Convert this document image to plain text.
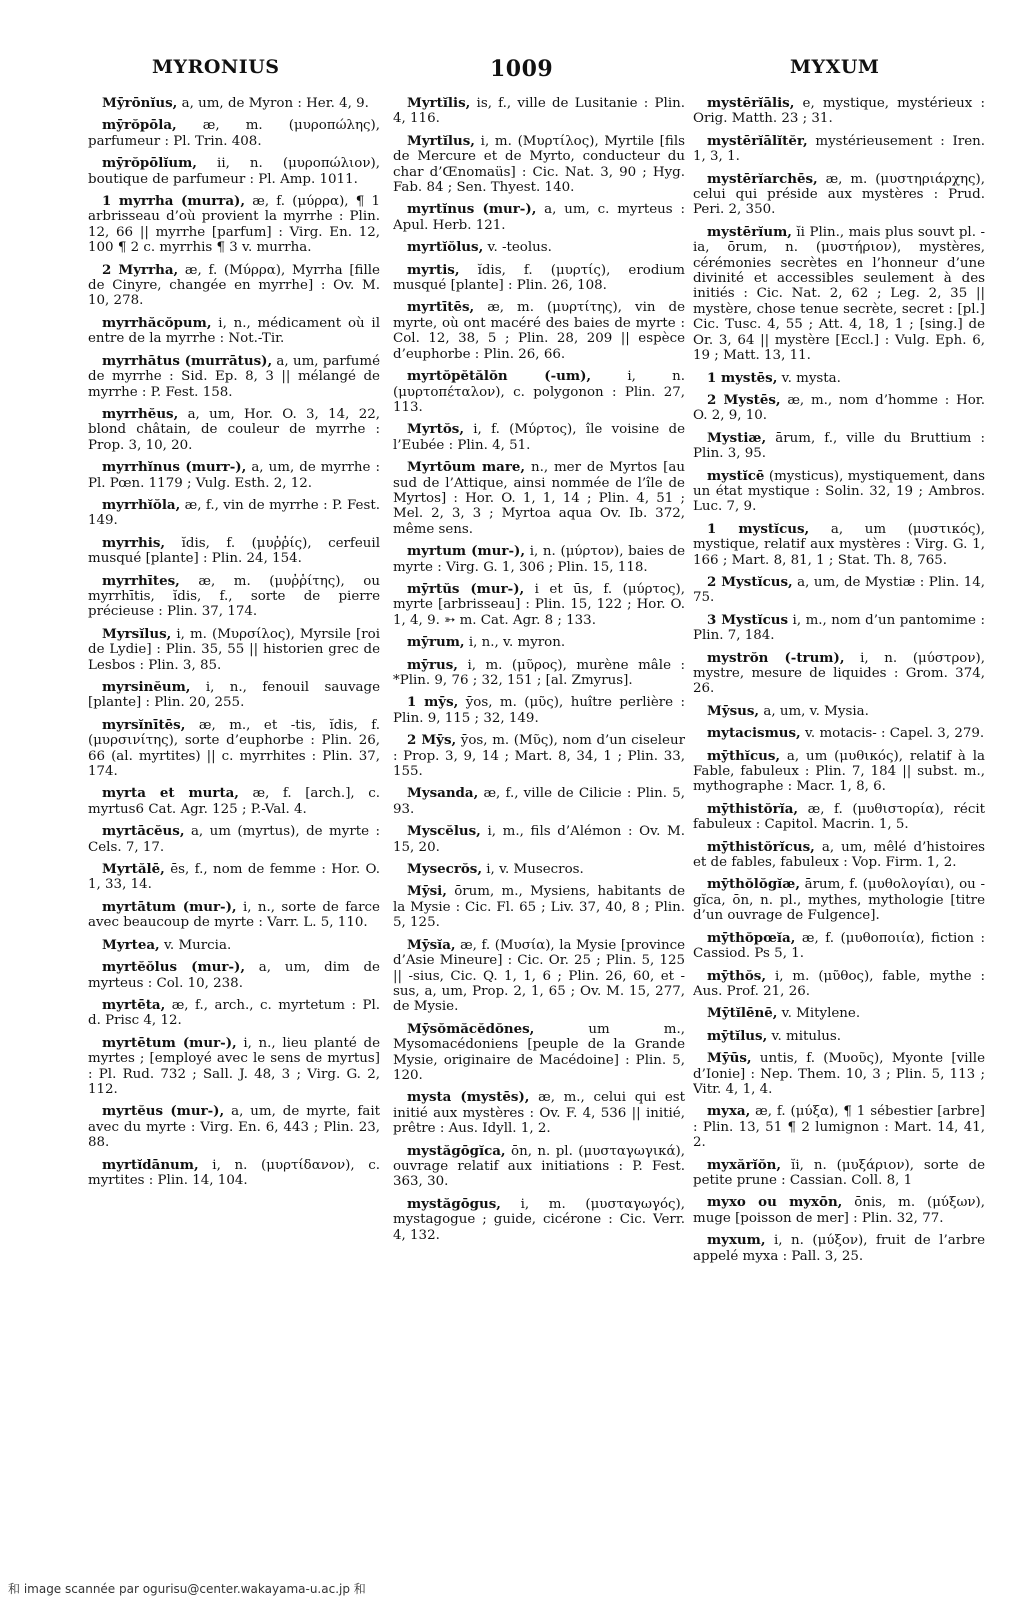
MYRONIUS	1009	MYXUM

Mȳrōnĭus, a, um, de Myron : Her. 4, 9.

mȳrŏpōla, æ, m. (μυροπώλης), parfumeur : Pl. Trin. 408.

mȳrŏpōlĭum, ii, n. (μυροπώλιον), boutique de parfumeur : Pl. Amp. 1011.

1 myrrha (murra), æ, f. (μύρρα), ¶ 1 arbrisseau d’où provient la myrrhe : Plin. 12, 66 || myrrhe [parfum] : Virg. En. 12, 100 ¶ 2 c. myrrhis ¶ 3 v. murrha.

2 Myrrha, æ, f. (Μύρρα), Myrrha [fille de Cinyre, changée en myrrhe] : Ov. M. 10, 278.

myrrhăcŏpum, i, n., médicament où il entre de la myrrhe : Not.-Tir.

myrrhātus (murrātus), a, um, parfumé de myrrhe : Sid. Ep. 8, 3 || mélangé de myrrhe : P. Fest. 158.

myrrhĕus, a, um, Hor. O. 3, 14, 22, blond châtain, de couleur de myrrhe : Prop. 3, 10, 20.

myrrhĭnus (murr-), a, um, de myrrhe : Pl. Pœn. 1179 ; Vulg. Esth. 2, 12.

myrrhĭŏla, æ, f., vin de myrrhe : P. Fest. 149.

myrrhis, ĭdis, f. (μυῤῥίς), cerfeuil musqué [plante] : Plin. 24, 154.

myrrhītes, æ, m. (μυῤῥίτης), ou myrrhītis, ĭdis, f., sorte de pierre précieuse : Plin. 37, 174.

Myrsĭlus, i, m. (Μυρσίλος), Myrsile [roi de Lydie] : Plin. 35, 55 || historien grec de Lesbos : Plin. 3, 85.

myrsinĕum, i, n., fenouil sauvage [plante] : Plin. 20, 255.

myrsĭnītēs, æ, m., et -tis, ĭdis, f. (μυρσινίτης), sorte d’euphorbe : Plin. 26, 66 (al. myrtites) || c. myrrhites : Plin. 37, 174.

myrta et murta, æ, f. [arch.], c. myrtus6 Cat. Agr. 125 ; P.-Val. 4.

myrtācĕus, a, um (myrtus), de myrte : Cels. 7, 17.

Myrtălē, ēs, f., nom de femme : Hor. O. 1, 33, 14.

myrtātum (mur-), i, n., sorte de farce avec beaucoup de myrte : Varr. L. 5, 110.

Myrtea, v. Murcia.

myrtĕŏlus (mur-), a, um, dim de myrteus : Col. 10, 238.

myrtēta, æ, f., arch., c. myrtetum : Pl. d. Prisc 4, 12.

myrtētum (mur-), i, n., lieu planté de myrtes ; [employé avec le sens de myrtus] : Pl. Rud. 732 ; Sall. J. 48, 3 ; Virg. G. 2, 112.

myrtĕus (mur-), a, um, de myrte, fait avec du myrte : Virg. En. 6, 443 ; Plin. 23, 88.

myrtĭdānum, i, n. (μυρτίδανον), c. myrtites : Plin. 14, 104.

Myrtĭlis, is, f., ville de Lusitanie : Plin. 4, 116.

Myrtĭlus, i, m. (Μυρτίλος), Myrtile [fils de Mercure et de Myrto, conducteur du char d’Œnomaüs] : Cic. Nat. 3, 90 ; Hyg. Fab. 84 ; Sen. Thyest. 140.

myrtĭnus (mur-), a, um, c. myrteus : Apul. Herb. 121.

myrtĭŏlus, v. -teolus.

myrtis, ĭdis, f. (μυρτίς), erodium musqué [plante] : Plin. 26, 108.

myrtītēs, æ, m. (μυρτίτης), vin de myrte, où ont macéré des baies de myrte : Col. 12, 38, 5 ; Plin. 28, 209 || espèce d’euphorbe : Plin. 26, 66.

myrtŏpĕtălŏn (-um), i, n. (μυρτοπέταλον), c. polygonon : Plin. 27, 113.

Myrtŏs, i, f. (Μύρτος), île voisine de l’Eubée : Plin. 4, 51.

Myrtōum mare, n., mer de Myrtos [au sud de l’Attique, ainsi nommée de l’île de Myrtos] : Hor. O. 1, 1, 14 ; Plin. 4, 51 ; Mel. 2, 3, 3 ; Myrtoa aqua Ov. Ib. 372, même sens.

myrtum (mur-), i, n. (μύρτον), baies de myrte : Virg. G. 1, 306 ; Plin. 15, 118.

mȳrtŭs (mur-), i et ūs, f. (μύρτος), myrte [arbrisseau] : Plin. 15, 122 ; Hor. O. 1, 4, 9. ➳ m. Cat. Agr. 8 ; 133.

mȳrum, i, n., v. myron.

mȳrus, i, m. (μῦρος), murène mâle : *Plin. 9, 76 ; 32, 151 ; [al. Zmyrus].

1 mȳs, ȳos, m. (μῦς), huître perlière : Plin. 9, 115 ; 32, 149.

2 Mȳs, ȳos, m. (Μῦς), nom d’un ciseleur : Prop. 3, 9, 14 ; Mart. 8, 34, 1 ; Plin. 33, 155.

Mysanda, æ, f., ville de Cilicie : Plin. 5, 93.

Myscĕlus, i, m., fils d’Alémon : Ov. M. 15, 20.

Mysecrŏs, i, v. Musecros.

Mȳsi, ōrum, m., Mysiens, habitants de la Mysie : Cic. Fl. 65 ; Liv. 37, 40, 8 ; Plin. 5, 125.

Mȳsĭa, æ, f. (Μυσία), la Mysie [province d’Asie Mineure] : Cic. Or. 25 ; Plin. 5, 125 || -sius, Cic. Q. 1, 1, 6 ; Plin. 26, 60, et -sus, a, um, Prop. 2, 1, 65 ; Ov. M. 15, 277, de Mysie.

Mȳsŏmăcĕdŏnes, um m., Mysomacédoniens [peuple de la Grande Mysie, originaire de Macédoine] : Plin. 5, 120.

mysta (mystēs), æ, m., celui qui est initié aux mystères : Ov. F. 4, 536 || initié, prêtre : Aus. Idyll. 1, 2.

mystăgōgĭca, ōn, n. pl. (μυσταγωγικά), ouvrage relatif aux initiations : P. Fest. 363, 30.

mystăgōgus, i, m. (μυσταγωγός), mystagogue ; guide, cicérone : Cic. Verr. 4, 132.

mystērĭālis, e, mystique, mystérieux : Orig. Matth. 23 ; 31.

mystērĭālĭtĕr, mystérieusement : Iren. 1, 3, 1.

mystērĭarchēs, æ, m. (μυστηριάρχης), celui qui préside aux mystères : Prud. Peri. 2, 350.

mystērĭum, ĭi Plin., mais plus souvt pl. -ia, ōrum, n. (μυστήριον), mystères, cérémonies secrètes en l’honneur d’une divinité et accessibles seulement à des initiés : Cic. Nat. 2, 62 ; Leg. 2, 35 || mystère, chose tenue secrète, secret : [pl.] Cic. Tusc. 4, 55 ; Att. 4, 18, 1 ; [sing.] de Or. 3, 64 || mystère [Eccl.] : Vulg. Eph. 6, 19 ; Matt. 13, 11.

1 mystēs, v. mysta.

2 Mystēs, æ, m., nom d’homme : Hor. O. 2, 9, 10.

Mystiæ, ārum, f., ville du Bruttium : Plin. 3, 95.

mystĭcē (mysticus), mystiquement, dans un état mystique : Solin. 32, 19 ; Ambros. Luc. 7, 9.

1 mystĭcus, a, um (μυστικός), mystique, relatif aux mystères : Virg. G. 1, 166 ; Mart. 8, 81, 1 ; Stat. Th. 8, 765.

2 Mystĭcus, a, um, de Mystiæ : Plin. 14, 75.

3 Mystĭcus i, m., nom d’un pantomime : Plin. 7, 184.

mystrŏn (-trum), i, n. (μύστρον), mystre, mesure de liquides : Grom. 374, 26.

Mȳsus, a, um, v. Mysia.

mytacismus, v. motacis- : Capel. 3, 279.

mȳthĭcus, a, um (μυθικός), relatif à la Fable, fabuleux : Plin. 7, 184 || subst. m., mythographe : Macr. 1, 8, 6.

mȳthistŏrĭa, æ, f. (μυθιστορία), récit fabuleux : Capitol. Macrin. 1, 5.

mȳthistŏrĭcus, a, um, mêlé d’histoires et de fables, fabuleux : Vop. Firm. 1, 2.

mȳthŏlŏgĭæ, ārum, f. (μυθολογίαι), ou -gĭca, ōn, n. pl., mythes, mythologie [titre d’un ouvrage de Fulgence].

mȳthŏpœĭa, æ, f. (μυθοποιία), fiction : Cassiod. Ps 5, 1.

mȳthŏs, i, m. (μῦθος), fable, mythe : Aus. Prof. 21, 26.

Mȳtĭlēnē, v. Mitylene.

mȳtĭlus, v. mitulus.

Mȳūs, untis, f. (Μυοῦς), Myonte [ville d’Ionie] : Nep. Them. 10, 3 ; Plin. 5, 113 ; Vitr. 4, 1, 4.

myxa, æ, f. (μύξα), ¶ 1 sébestier [arbre] : Plin. 13, 51 ¶ 2 lumignon : Mart. 14, 41, 2.

myxărĭŏn, ĭi, n. (μυξάριον), sorte de petite prune : Cassian. Coll. 8, 1

myxo ou myxōn, ōnis, m. (μύξων), muge [poisson de mer] : Plin. 32, 77.

myxum, i, n. (μύξον), fruit de l’arbre appelé myxa : Pall. 3, 25.

和 image scannée par ogurisu@center.wakayama-u.ac.jp 和
